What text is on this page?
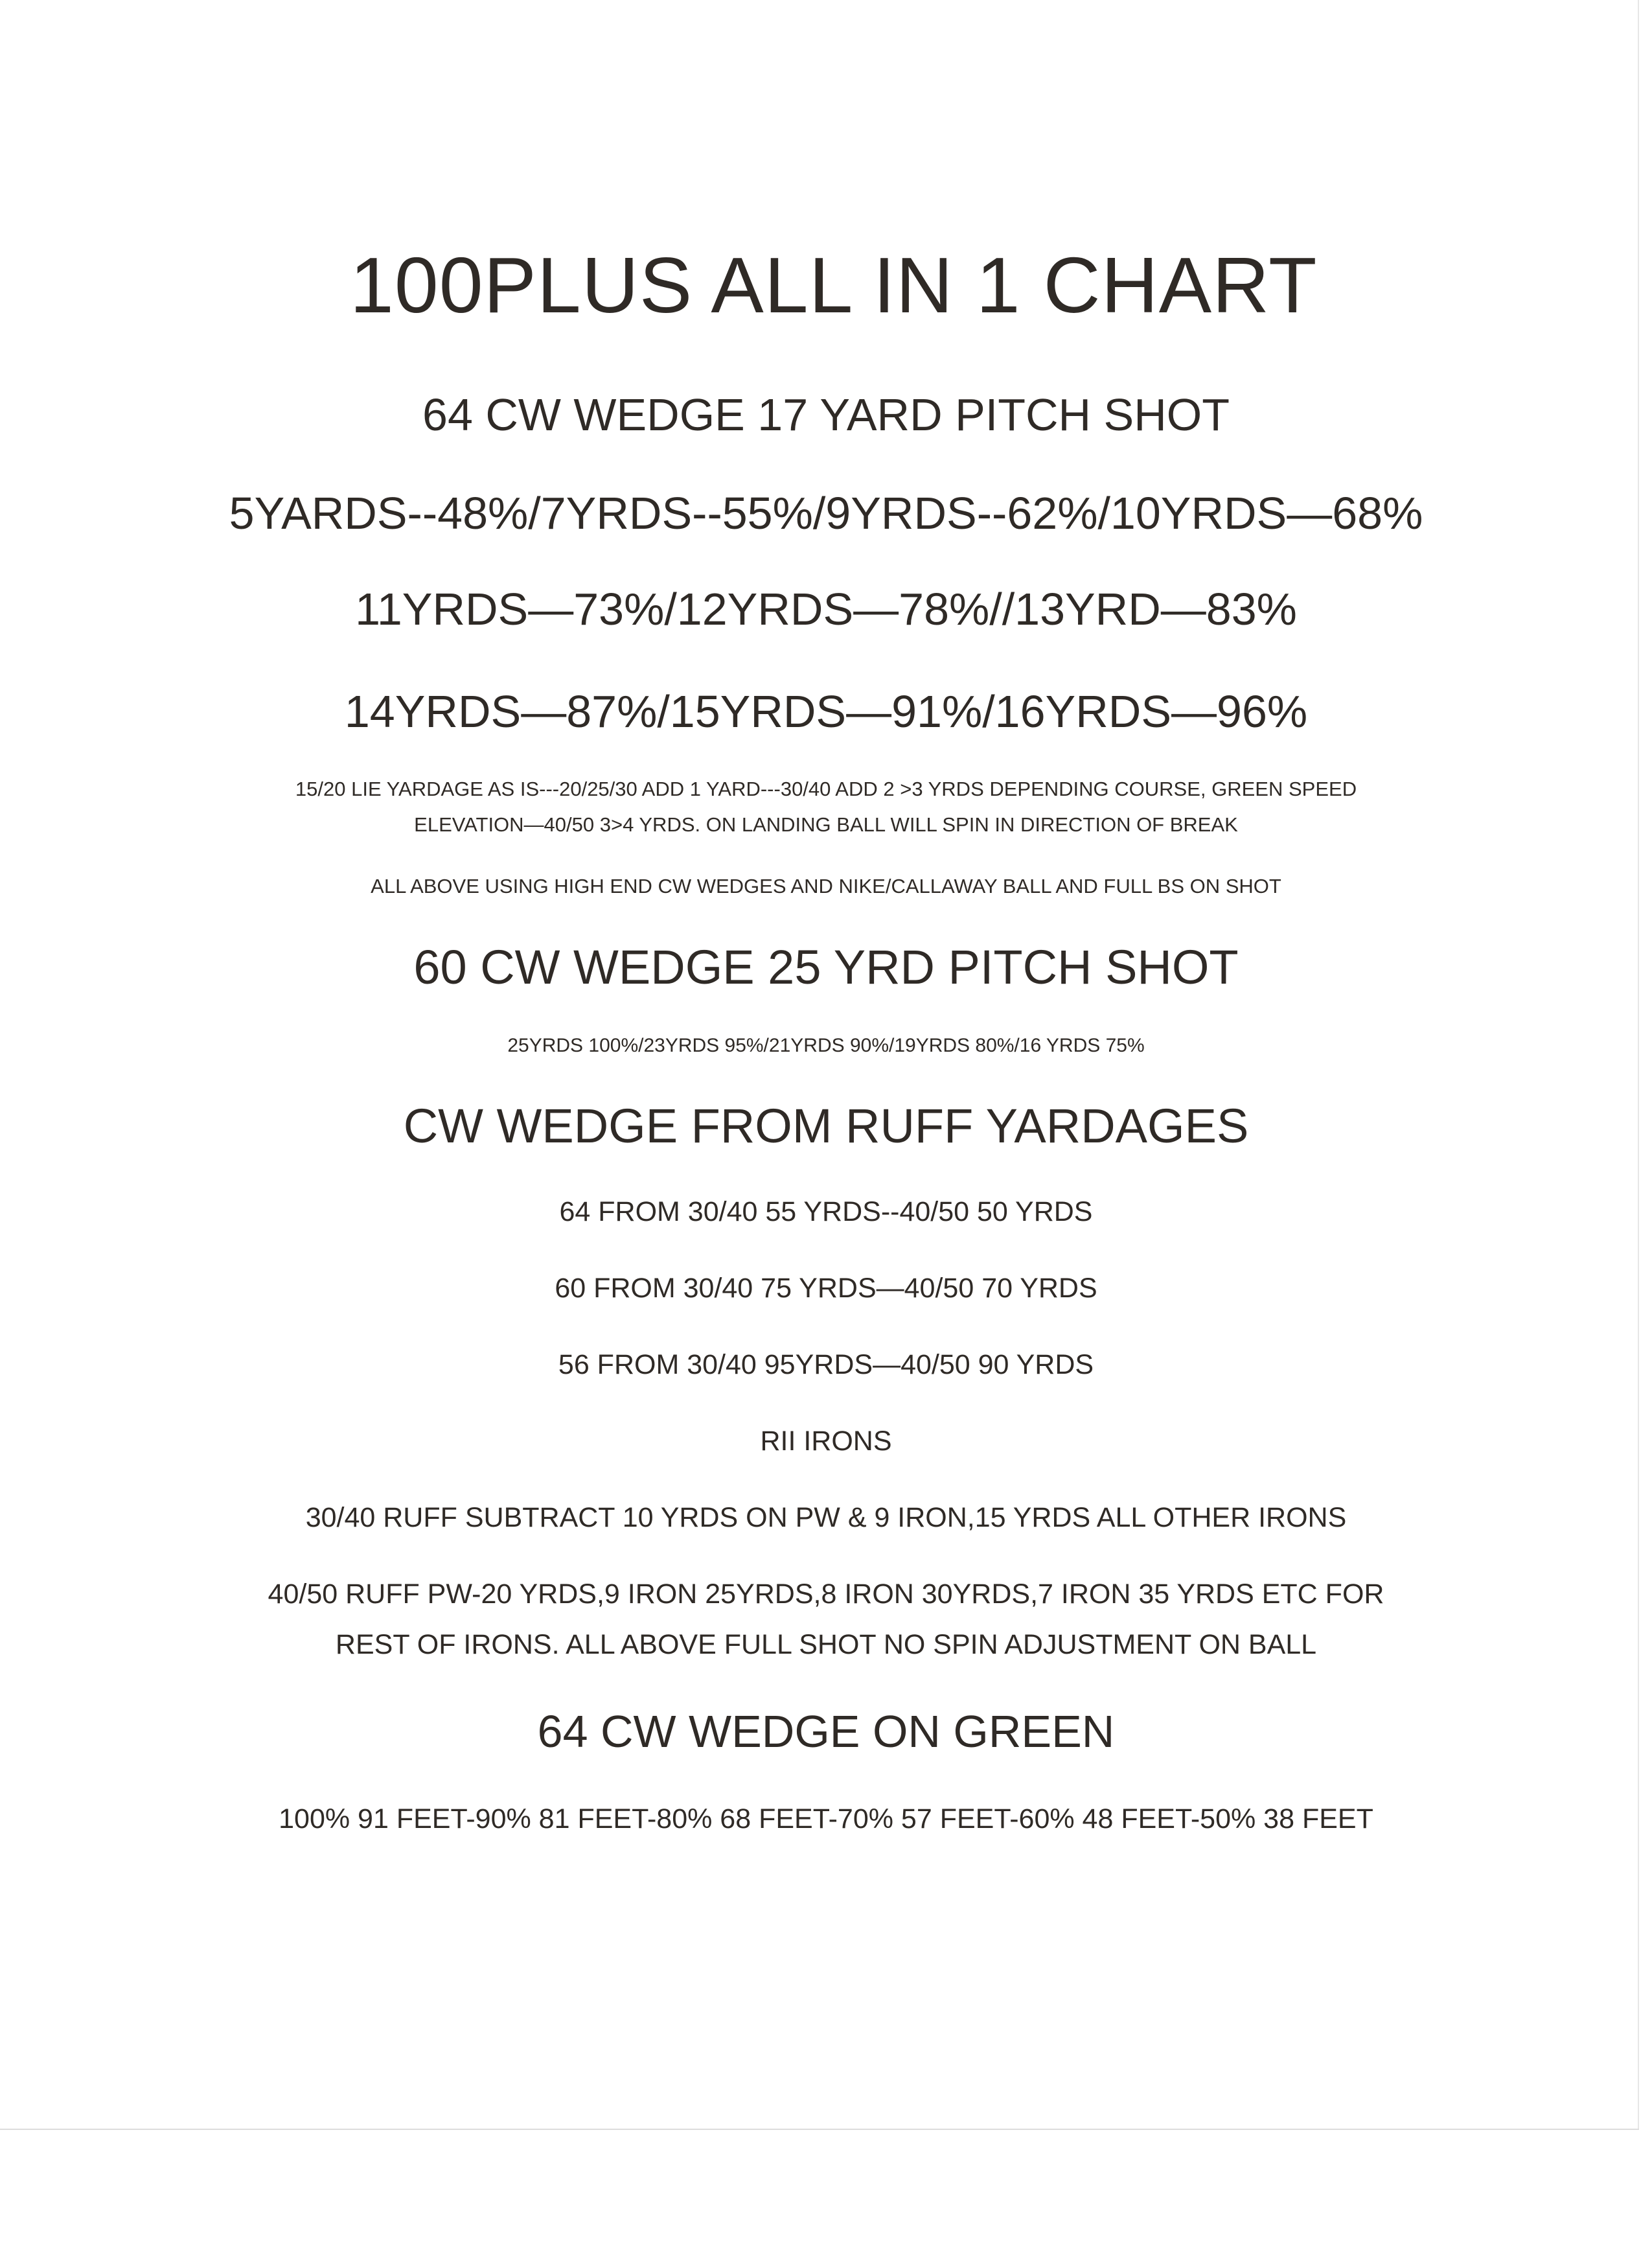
100PLUS ALL IN 1 CHART
64 CW WEDGE 17 YARD PITCH SHOT
5YARDS--48%/7YRDS--55%/9YRDS--62%/10YRDS—68%
11YRDS—73%/12YRDS—78%//13YRD—83%
14YRDS—87%/15YRDS—91%/16YRDS—96%
15/20 LIE YARDAGE AS IS---20/25/30 ADD 1 YARD---30/40 ADD 2 >3 YRDS DEPENDING COURSE, GREEN SPEED
ELEVATION—40/50 3>4 YRDS. ON LANDING BALL WILL SPIN IN DIRECTION OF BREAK
ALL ABOVE USING HIGH END CW WEDGES AND NIKE/CALLAWAY BALL AND FULL BS ON SHOT
60 CW WEDGE 25 YRD PITCH SHOT
25YRDS 100%/23YRDS 95%/21YRDS 90%/19YRDS 80%/16 YRDS 75%
CW WEDGE FROM RUFF YARDAGES
64 FROM 30/40 55 YRDS--40/50 50 YRDS
60 FROM 30/40 75 YRDS—40/50 70 YRDS
56 FROM 30/40 95YRDS—40/50 90 YRDS
RII IRONS
30/40 RUFF SUBTRACT 10 YRDS ON PW & 9 IRON,15 YRDS ALL OTHER IRONS
40/50 RUFF PW-20 YRDS,9 IRON 25YRDS,8 IRON 30YRDS,7 IRON 35 YRDS ETC FOR
REST OF IRONS. ALL ABOVE FULL SHOT NO SPIN ADJUSTMENT ON BALL
64 CW WEDGE ON GREEN
100% 91 FEET-90% 81 FEET-80% 68 FEET-70% 57 FEET-60% 48 FEET-50% 38 FEET
